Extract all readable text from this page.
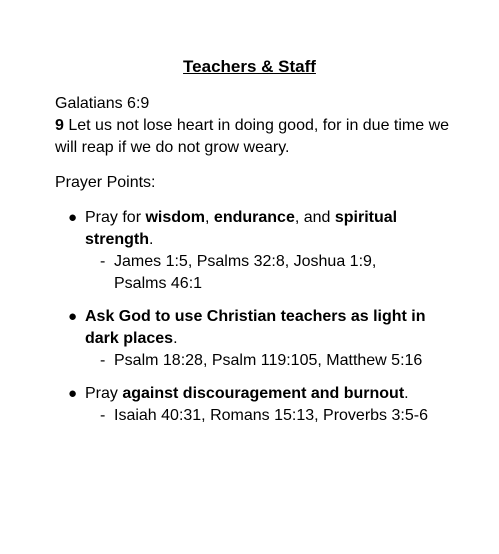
Teachers & Staff
Galatians 6:9
9 Let us not lose heart in doing good, for in due time we will reap if we do not grow weary.
Prayer Points:
● Pray for wisdom, endurance, and spiritual strength.
- James 1:5, Psalms 32:8, Joshua 1:9, Psalms 46:1
● Ask God to use Christian teachers as light in dark places.
- Psalm 18:28, Psalm 119:105, Matthew 5:16
● Pray against discouragement and burnout.
- Isaiah 40:31, Romans 15:13, Proverbs 3:5-6
